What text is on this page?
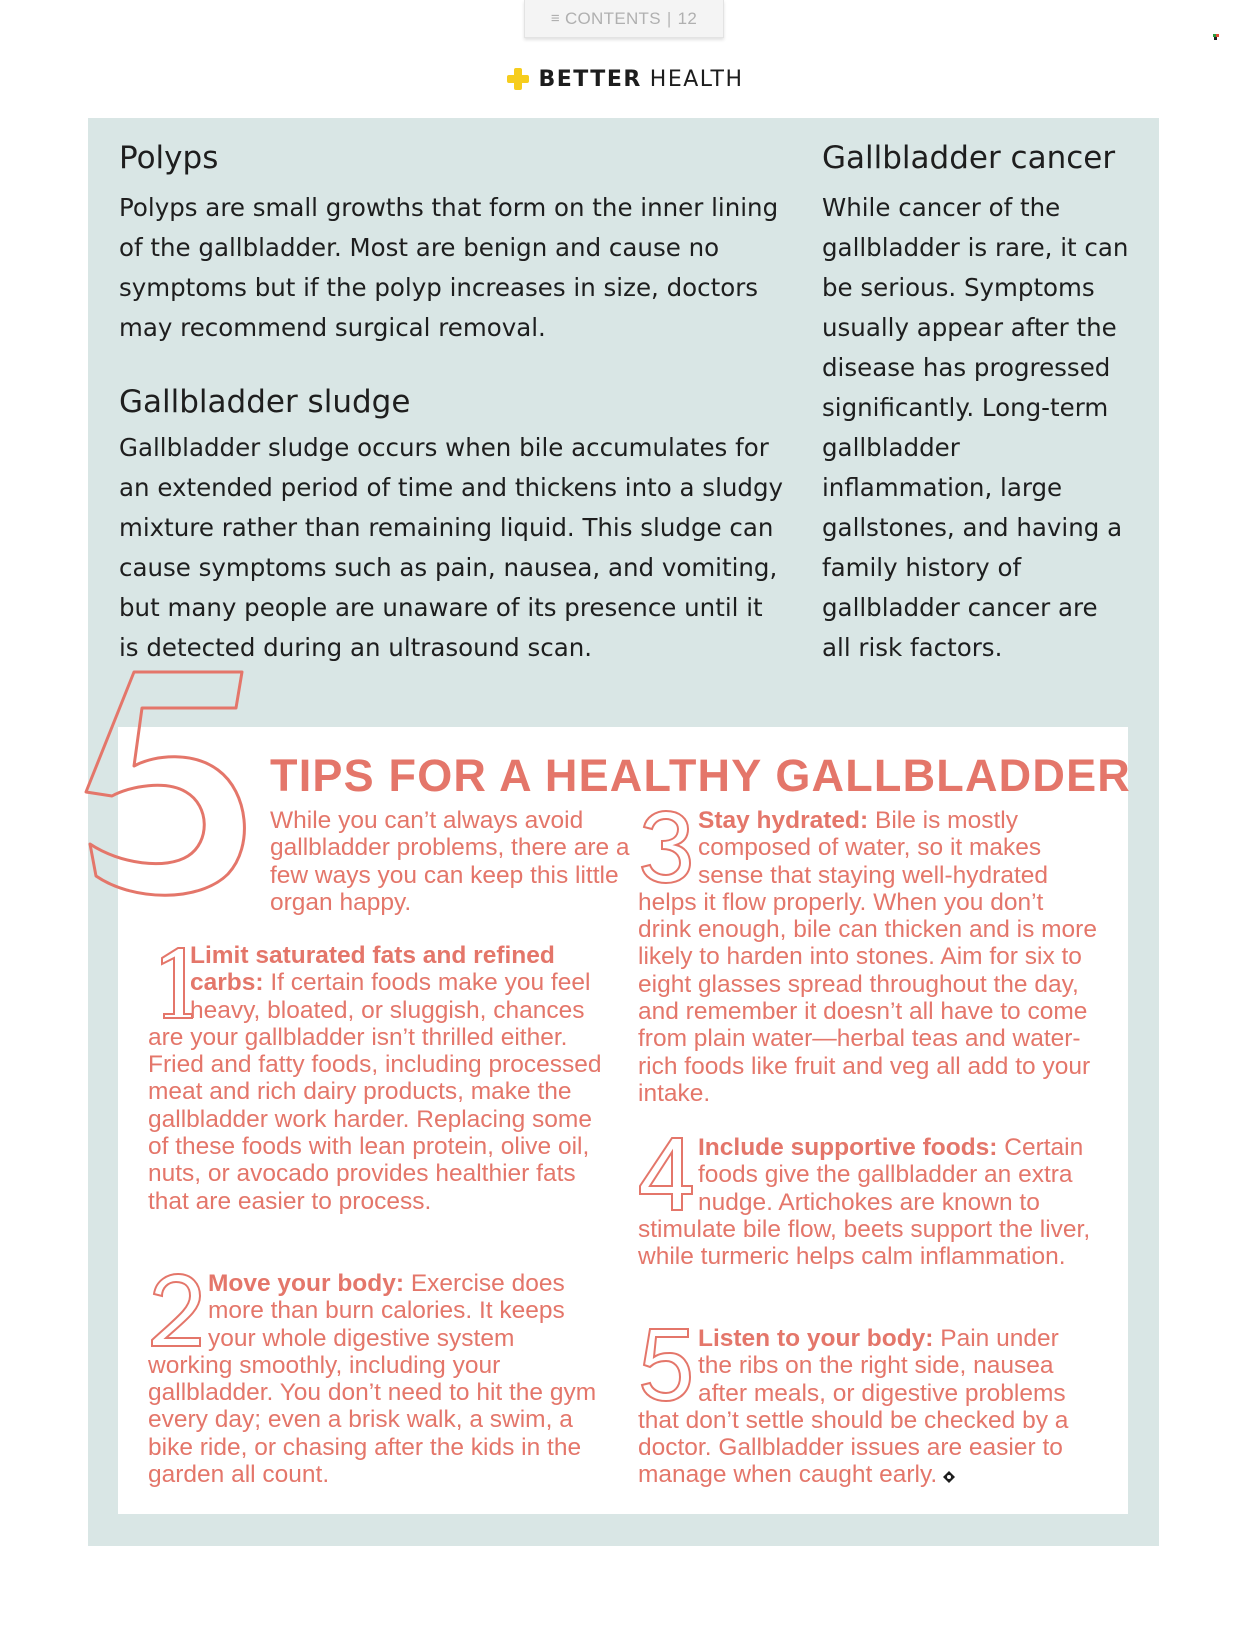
≡ CONTENTS | 12
BETTER HEALTH
Polyps
Polyps are small growths that form on the inner lining of the gallbladder. Most are benign and cause no symptoms but if the polyp increases in size, doctors may recommend surgical removal.
Gallbladder sludge
Gallbladder sludge occurs when bile accumulates for an extended period of time and thickens into a sludgy mixture rather than remaining liquid. This sludge can cause symptoms such as pain, nausea, and vomiting, but many people are unaware of its presence until it is detected during an ultrasound scan.
Gallbladder cancer
While cancer of the gallbladder is rare, it can be serious. Symptoms usually appear after the disease has progressed significantly. Long-term gallbladder inflammation, large gallstones, and having a family history of gallbladder cancer are all risk factors.
TIPS FOR A HEALTHY GALLBLADDER
While you can’t always avoid gallbladder problems, there are a few ways you can keep this little organ happy.
Limit saturated fats and refined carbs: If certain foods make you feel heavy, bloated, or sluggish, chances are your gallbladder isn’t thrilled either. Fried and fatty foods, including processed meat and rich dairy products, make the gallbladder work harder. Replacing some of these foods with lean protein, olive oil, nuts, or avocado provides healthier fats that are easier to process.
Move your body: Exercise does more than burn calories. It keeps your whole digestive system working smoothly, including your gallbladder. You don’t need to hit the gym every day; even a brisk walk, a swim, a bike ride, or chasing after the kids in the garden all count.
Stay hydrated: Bile is mostly composed of water, so it makes sense that staying well-hydrated helps it flow properly. When you don’t drink enough, bile can thicken and is more likely to harden into stones. Aim for six to eight glasses spread throughout the day, and remember it doesn’t all have to come from plain water—herbal teas and water-rich foods like fruit and veg all add to your intake.
Include supportive foods: Certain foods give the gallbladder an extra nudge. Artichokes are known to stimulate bile flow, beets support the liver, while turmeric helps calm inflammation.
Listen to your body: Pain under the ribs on the right side, nausea after meals, or digestive problems that don’t settle should be checked by a doctor. Gallbladder issues are easier to manage when caught early.
